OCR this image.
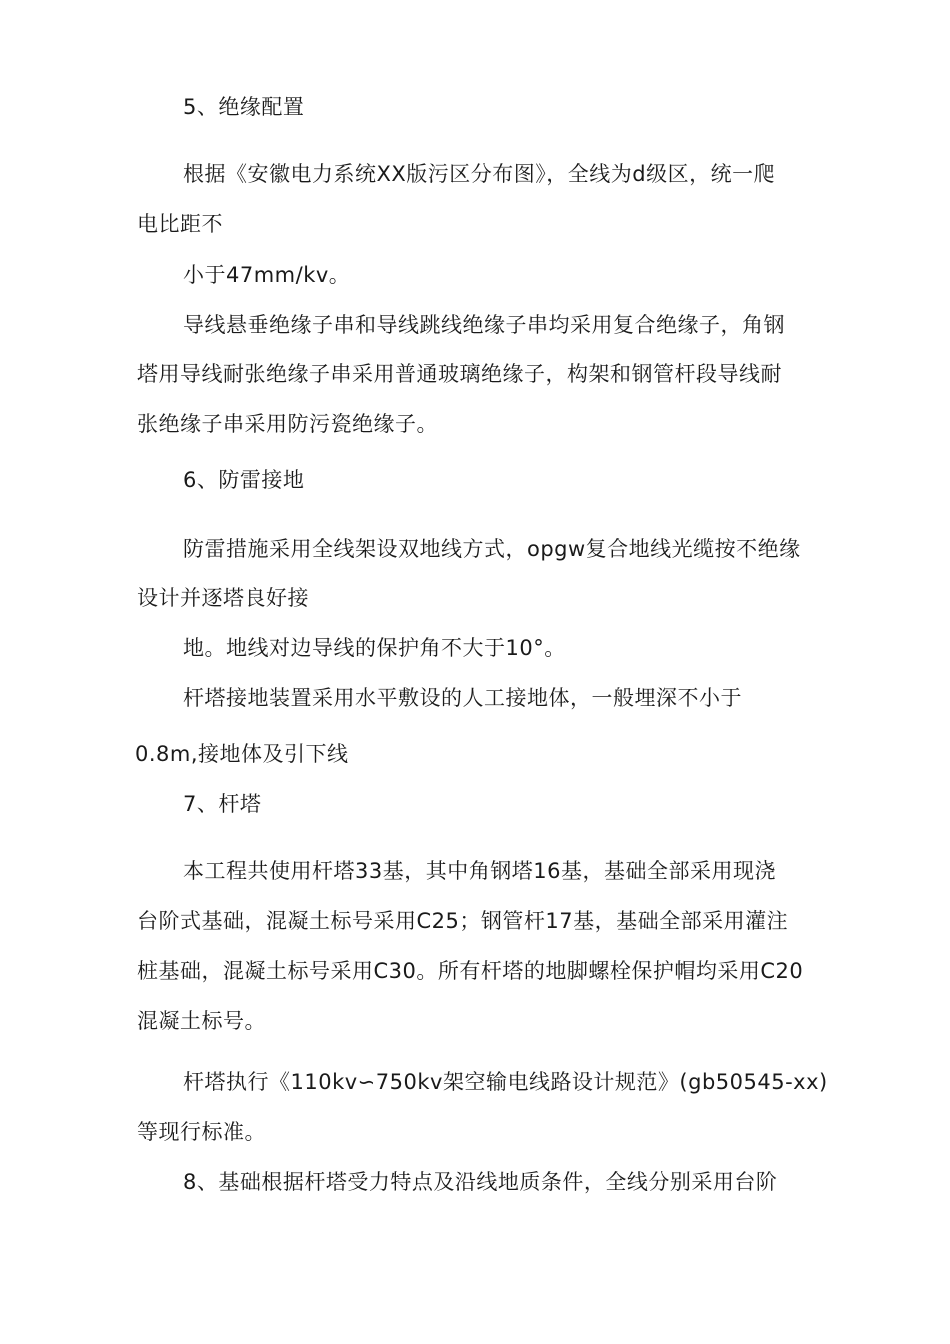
5、绝缘配置
根据《安徽电力系统XX版污区分布图》，全线为d级区，统一爬
电比距不
小于47mm/kv。
导线悬垂绝缘子串和导线跳线绝缘子串均采用复合绝缘子，角钢
塔用导线耐张绝缘子串采用普通玻璃绝缘子，构架和钢管杆段导线耐
张绝缘子串采用防污瓷绝缘子。
6、防雷接地
防雷措施采用全线架设双地线方式，opgw复合地线光缆按不绝缘
设计并逐塔良好接
地。地线对边导线的保护角不大于10°。
杆塔接地装置采用水平敷设的人工接地体，一般埋深不小于
0.8m,接地体及引下线
7、杆塔
本工程共使用杆塔33基，其中角钢塔16基，基础全部采用现浇
台阶式基础，混凝土标号采用C25；钢管杆17基，基础全部采用灌注
桩基础，混凝土标号采用C30。所有杆塔的地脚螺栓保护帽均采用C20
混凝土标号。
杆塔执行《110kv∽750kv架空输电线路设计规范》(gb50545-xx)
等现行标准。
8、基础根据杆塔受力特点及沿线地质条件，全线分别采用台阶
